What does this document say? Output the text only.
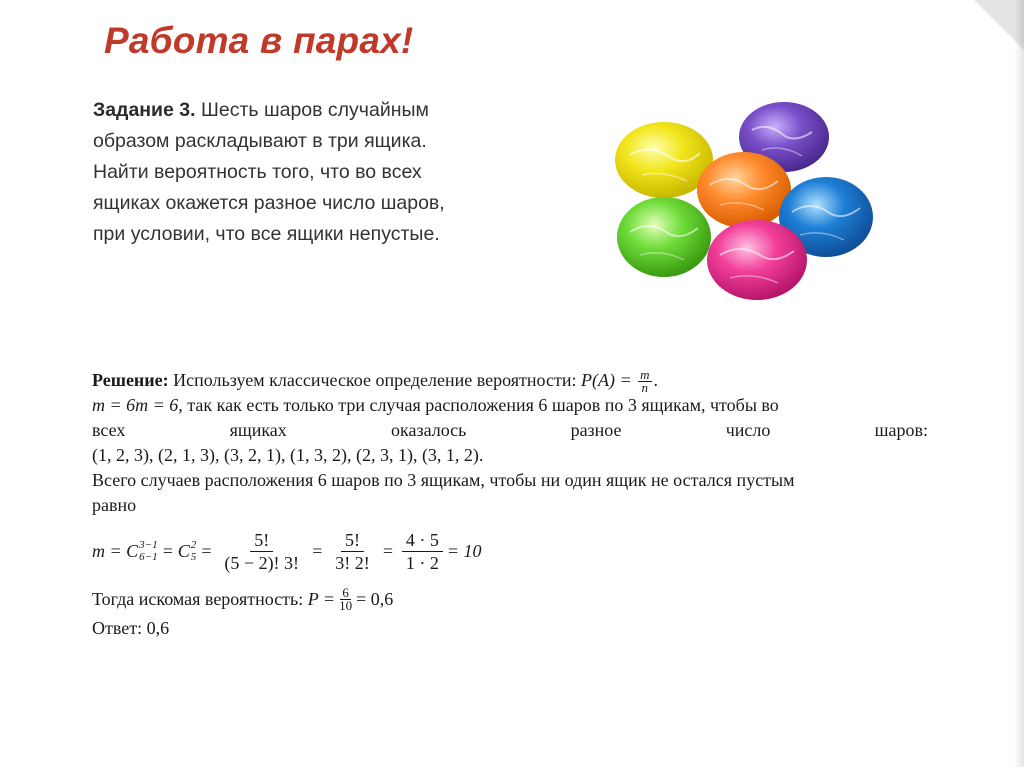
Работа в парах!
Задание 3. Шесть шаров случайным образом раскладывают в три ящика. Найти вероятность того, что во всех ящиках окажется разное число шаров, при условии, что все ящики непустые.
Решение: Используем классическое определение вероятности: $P(A) = \frac{m}{n}$ .
m = 6m = 6, так как есть только три случая расположения 6 шаров по 3 ящикам, чтобы во
всех	ящиках	оказалось	разное	число	шаров:
(1, 2, 3), (2, 1, 3), (3, 2, 1), (1, 3, 2), (2, 3, 1), (3, 1, 2).
Всего случаев расположения 6 шаров по 3 ящикам, чтобы ни один ящик не остался пустым
равно
m = C 3−1
6−1 = C 2
$5 = \frac{5!}{(5 - 2)! 3!} = \frac{5!}{3! 2!} = \frac{4 \cdot 5}{1 \cdot 2} = 10$
Тогда искомая вероятность:
$P = \frac{6}{10} = 0,6$
Ответ: 0,6
